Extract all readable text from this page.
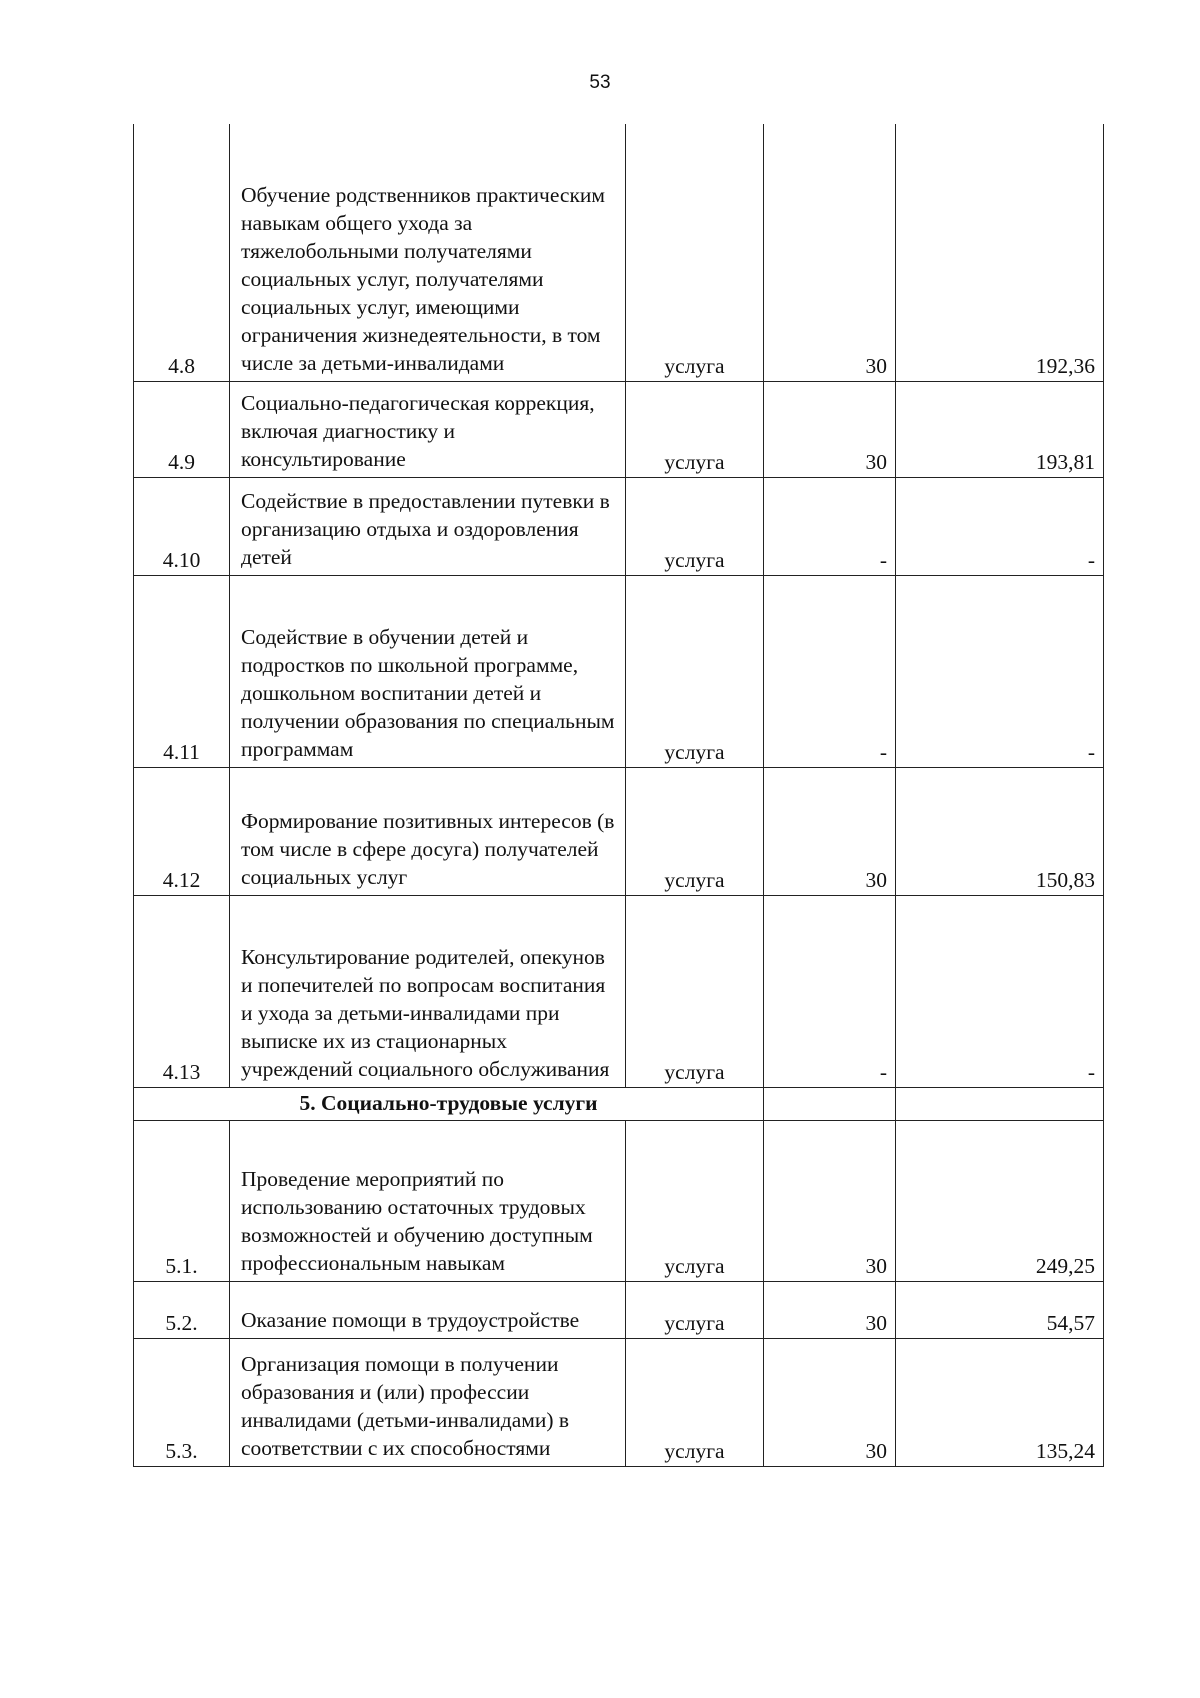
53
4.8	Обучение родственников практическим навыкам общего ухода за тяжелобольными получателями социальных услуг, получателями социальных услуг, имеющими ограничения жизнедеятельности, в том числе за детьми-инвалидами	услуга	30	192,36
4.9	Социально-педагогическая коррекция, включая диагностику и консультирование	услуга	30	193,81
4.10	Содействие в предоставлении путевки в организацию отдыха и оздоровления детей	услуга	-	-
4.11	Содействие в обучении детей и подростков по школьной программе, дошкольном воспитании детей и получении образования по специальным программам	услуга	-	-
4.12	Формирование позитивных интересов (в том числе в сфере досуга) получателей социальных услуг	услуга	30	150,83
4.13	Консультирование родителей, опекунов и попечителей по вопросам воспитания и ухода за детьми-инвалидами при выписке их из стационарных учреждений социального обслуживания	услуга	-	-
5. Социально-трудовые услуги				
5.1.	Проведение мероприятий по использованию остаточных трудовых возможностей и обучению доступным профессиональным навыкам	услуга	30	249,25
5.2.	Оказание помощи в трудоустройстве	услуга	30	54,57
5.3.	Организация помощи в получении образования и (или) профессии инвалидами (детьми-инвалидами) в соответствии с их способностями	услуга	30	135,24
